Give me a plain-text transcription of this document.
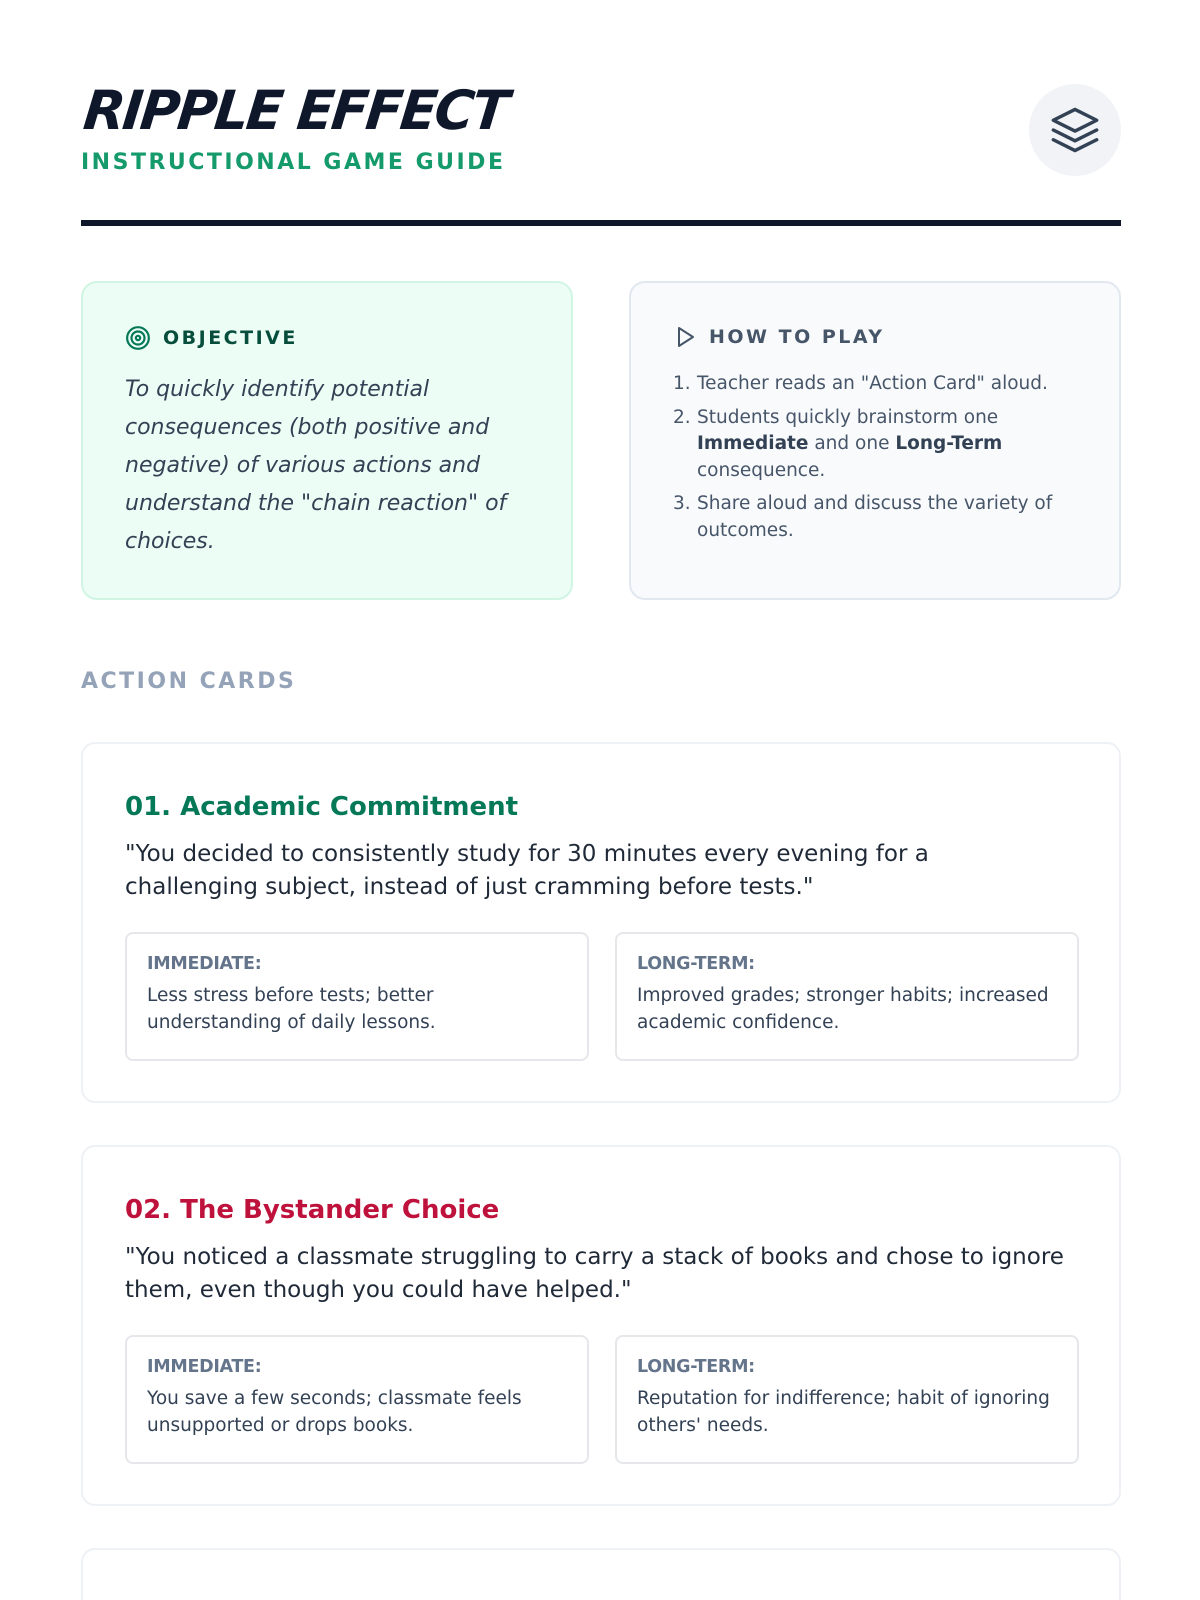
RIPPLE EFFECT
INSTRUCTIONAL GAME GUIDE
OBJECTIVE
To quickly identify potential consequences (both positive and negative) of various actions and understand the "chain reaction" of choices.
HOW TO PLAY
1. Teacher reads an "Action Card" aloud.
2. Students quickly brainstorm one Immediate and one Long-Term consequence.
3. Share aloud and discuss the variety of outcomes.
ACTION CARDS
01. Academic Commitment
"You decided to consistently study for 30 minutes every evening for a challenging subject, instead of just cramming before tests."
IMMEDIATE:
Less stress before tests; better understanding of daily lessons.
LONG-TERM:
Improved grades; stronger habits; increased academic confidence.
02. The Bystander Choice
"You noticed a classmate struggling to carry a stack of books and chose to ignore them, even though you could have helped."
IMMEDIATE:
You save a few seconds; classmate feels unsupported or drops books.
LONG-TERM:
Reputation for indifference; habit of ignoring others' needs.
